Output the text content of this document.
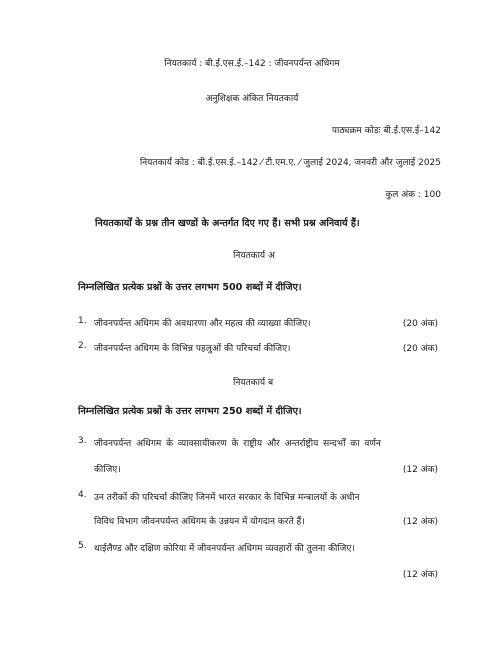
नियतकार्य : बी.ई.एस.ई.–142 : जीवनपर्यन्त अधिगम
अनुशिक्षक अंकित नियतकार्य
पाठ्यक्रम कोडः बी.ई.एस.ई–142
नियतकार्य कोड : बी.ई.एस.ई.–142 ⁄ टी.एम.ए. ⁄ जुलाई 2024, जनवरी और जुलाई 2025
कुल अंक : 100
नियतकार्यों के प्रश्न तीन खण्डों के अन्तर्गत दिए गए हैं। सभी प्रश्न अनिवार्य हैं।
नियतकार्य अ
निम्नलिखित प्रत्येक प्रश्नों के उत्तर लगभग 500 शब्दों में दीजिए।
1. जीवनपर्यन्त अधिगम की अवधारणा और महत्व की व्याख्या कीजिए।	(20 अंक)
2. जीवनपर्यन्त अधिगम के विभिन्न पहलुओं की परिचर्चा कीजिए।	(20 अंक)
नियतकार्य ब
निम्नलिखित प्रत्येक प्रश्नों के उत्तर लगभग 250 शब्दों में दीजिए।
3. जीवनपर्यन्त अधिगम के व्यावसायीकरण के राष्ट्रीय और अन्तर्राष्ट्रीय सन्दर्भों का वर्णन
कीजिए।	(12 अंक)
4. उन तरीकों की परिचर्चा कीजिए जिनमें भारत सरकार के विभिन्न मन्त्रालयों के अधीन
विविध विभाग जीवनपर्यन्त अधिगम के उन्नयन में योगदान करते हैं।	(12 अंक)
5. थाईलैण्ड और दक्षिण कोरिया में जीवनपर्यन्त अधिगम व्यवहारों की तुलना कीजिए।
(12 अंक)
